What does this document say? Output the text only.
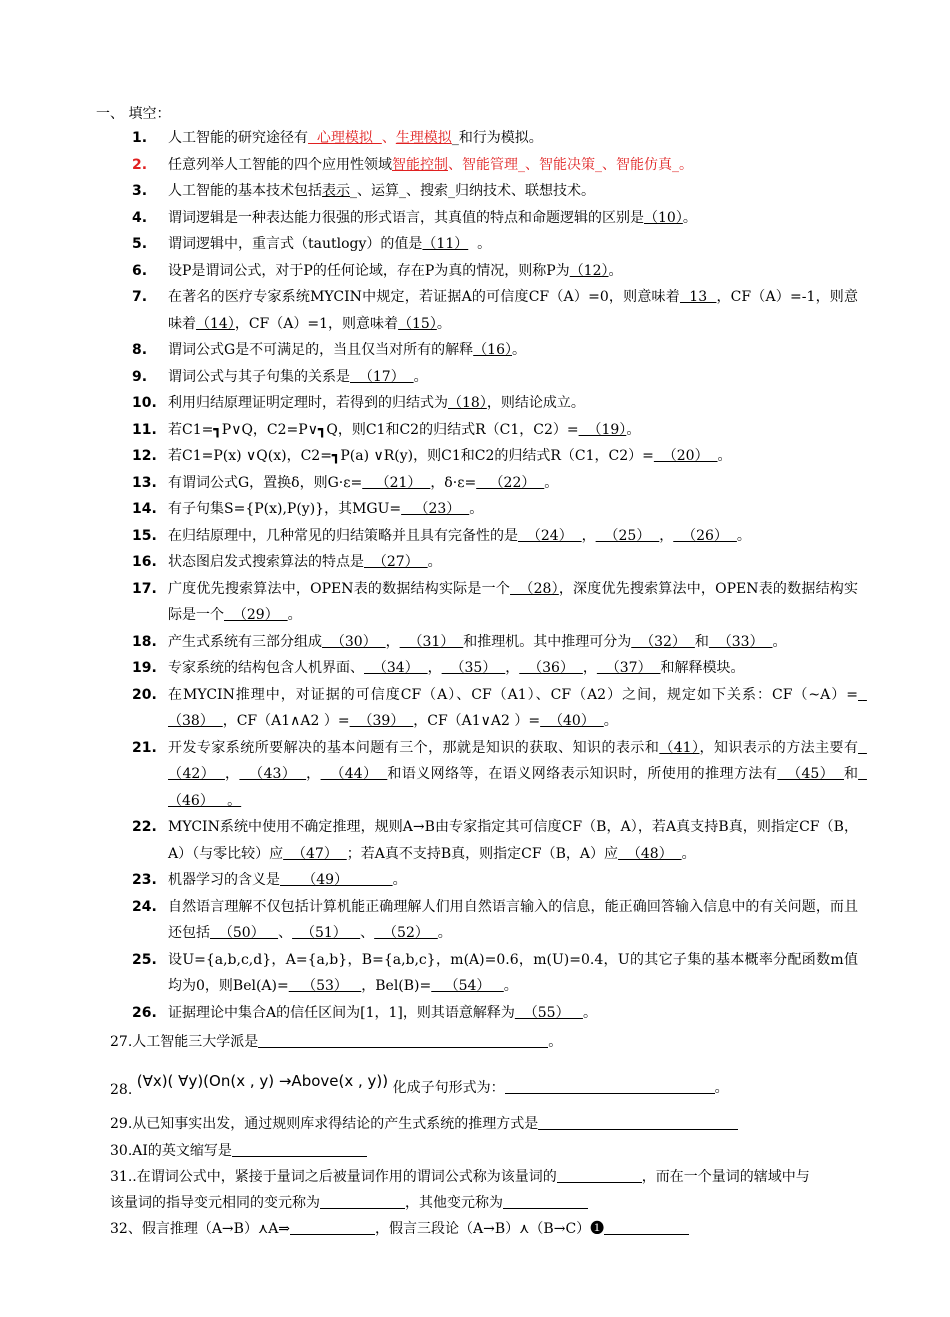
一、 填空：
1.	人工智能的研究途径有  心理模拟  、生理模拟_和行为模拟。
2.	任意列举人工智能的四个应用性领域智能控制、智能管理_、智能决策_、智能仿真_。
3.	人工智能的基本技术包括表示_、运算_、搜索_归纳技术、联想技术。
4.	谓词逻辑是一种表达能力很强的形式语言，其真值的特点和命题逻辑的区别是（10）。
5.	谓词逻辑中，重言式（tautlogy）的值是（11）  。
6.	设P是谓词公式，对于P的任何论域，存在P为真的情况，则称P为（12）。
7.	在著名的医疗专家系统MYCIN中规定，若证据A的可信度CF（A）=0，则意味着  13  ，CF（A）=-1，则意味着（14），CF（A）=1，则意味着（15）。
8.	谓词公式G是不可满足的，当且仅当对所有的解释（16）。
9.	谓词公式与其子句集的关系是  （17）  。
10. 利用归结原理证明定理时，若得到的归结式为（18），则结论成立。
11. 若C1=┓P∨Q，C2=P∨┓Q，则C1和C2的归结式R（C1，C2）=  （19）。
12. 若C1=P(x) ∨Q(x)，C2=┓P(a) ∨R(y)，则C1和C2的归结式R（C1，C2）=  （20）  。
13. 有谓词公式G，置换δ，则G·ε=   （21）  ，δ·ε=   （22）  。
14. 有子句集S={P(x),P(y)}，其MGU=   （23）  。
15. 在归结原理中，几种常见的归结策略并且具有完备性的是  （24）  ，  （25）  ，  （26）  。
16. 状态图启发式搜索算法的特点是  （27）  。
17. 广度优先搜索算法中，OPEN表的数据结构实际是一个  （28），深度优先搜索算法中，OPEN表的数据结构实际是一个  （29）  。
18. 产生式系统有三部分组成  （30）  ，  （31）  和推理机。其中推理可分为  （32）  和  （33）  。
19. 专家系统的结构包含人机界面、  （34）  ，  （35）  ，  （36）  ，  （37）  和解释模块。
20. 在MYCIN推理中，对证据的可信度CF（A）、CF（A1）、CF（A2）之间，规定如下关系：CF（~A）=  （38）  ，CF（A1∧A2 ）=  （39）  ，CF（A1∨A2 ）=  （40）  。
21. 开发专家系统所要解决的基本问题有三个，那就是知识的获取、知识的表示和（41），知识表示的方法主要有  （42）  ，  （43）  ，  （44）  和语义网络等，在语义网络表示知识时，所使用的推理方法有  （45）  和  （46）   。
22. MYCIN系统中使用不确定推理，规则A→B由专家指定其可信度CF（B，A），若A真支持B真，则指定CF（B，A）（与零比较）应  （47）  ；若A真不支持B真，则指定CF（B，A）应  （48）  。
23. 机器学习的含义是     （49）          。
24. 自然语言理解不仅包括计算机能正确理解人们用自然语言输入的信息，能正确回答输入信息中的有关问题，而且还包括  （50）   、  （51）   、  （52）  。
25. 设U={a,b,c,d}，A={a,b}，B={a,b,c}，m(A)=0.6，m(U)=0.4，U的其它子集的基本概率分配函数m值均为0，则Bel(A)=   （53）   ，Bel(B)=   （54）   。
26. 证据理论中集合A的信任区间为[1，1]，则其语意解释为  （55）   。
27.人工智能三大学派是	。
28. (∀x)( ∀y)(On(x , y) →Above(x , y)) 化成子句形式为：	。
29.从已知事实出发，通过规则库求得结论的产生式系统的推理方式是
30.AI的英文缩写是
31..在谓词公式中，紧接于量词之后被量词作用的谓词公式称为该量词的	，而在一个量词的辖域中与
该量词的指导变元相同的变元称为	，其他变元称为
32、假言推理（A→B）⋏A⇒	，假言三段论（A→B）⋏（B→C）➊
